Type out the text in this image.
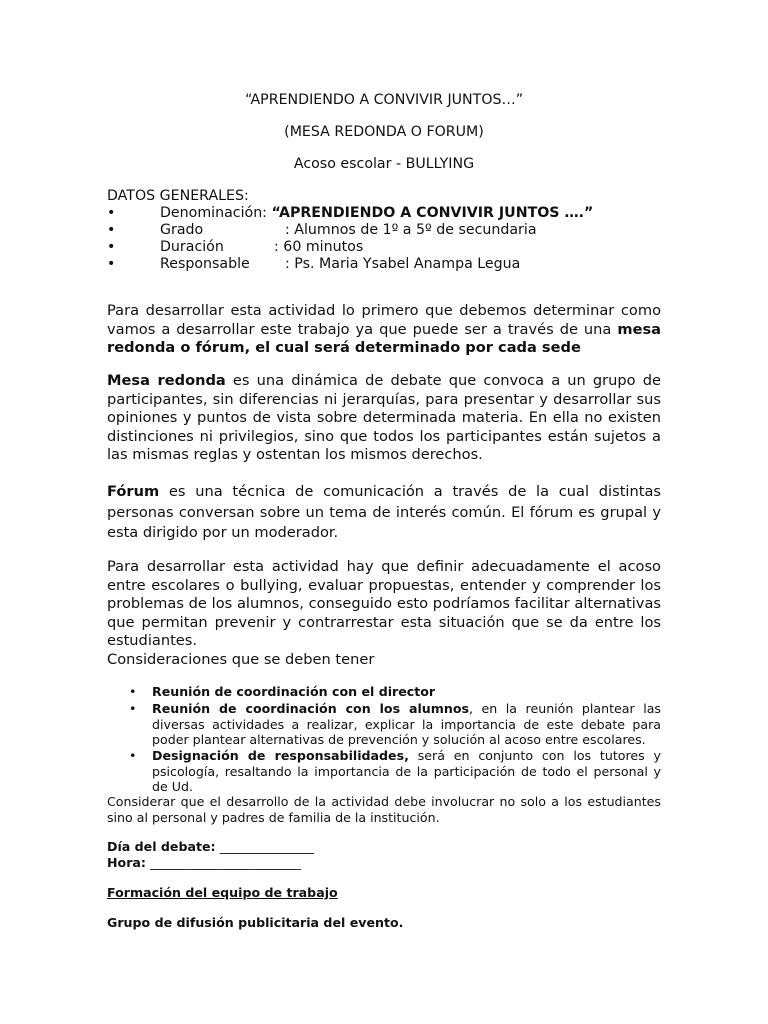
“APRENDIENDO A CONVIVIR JUNTOS…”
(MESA REDONDA O FORUM)
Acoso escolar - BULLYING
DATOS GENERALES:
•	Denominación: “APRENDIENDO A CONVIVIR JUNTOS ….”
•	Grado	: Alumnos de 1º a 5º de secundaria
•	Duración	: 60 minutos
•	Responsable : Ps. Maria Ysabel Anampa Legua

Para desarrollar esta actividad lo primero que debemos determinar como vamos a desarrollar este trabajo ya que puede ser a través de una mesa redonda o fórum, el cual será determinado por cada sede

Mesa redonda es una dinámica de debate que convoca a un grupo de participantes, sin diferencias ni jerarquías, para presentar y desarrollar sus opiniones y puntos de vista sobre determinada materia. En ella no existen distinciones ni privilegios, sino que todos los participantes están sujetos a las mismas reglas y ostentan los mismos derechos.

Fórum es una técnica de comunicación a través de la cual distintas personas conversan sobre un tema de interés común. El fórum es grupal y esta dirigido por un moderador.

Para desarrollar esta actividad hay que definir adecuadamente el acoso entre escolares o bullying, evaluar propuestas, entender y comprender los problemas de los alumnos, conseguido esto podríamos facilitar alternativas que permitan prevenir y contrarrestar esta situación que se da entre los estudiantes.

Consideraciones que se deben tener
• Reunión de coordinación con el director
• Reunión de coordinación con los alumnos, en la reunión plantear las diversas actividades a realizar, explicar la importancia de este debate para poder plantear alternativas de prevención y solución al acoso entre escolares.
• Designación de responsabilidades, será en conjunto con los tutores y psicología, resaltando la importancia de la participación de todo el personal y de Ud.

Considerar que el desarrollo de la actividad debe involucrar no solo a los estudiantes sino al personal y padres de familia de la institución.

Día del debate: _______________
Hora: ________________________
Formación del equipo de trabajo
Grupo de difusión publicitaria del evento.
